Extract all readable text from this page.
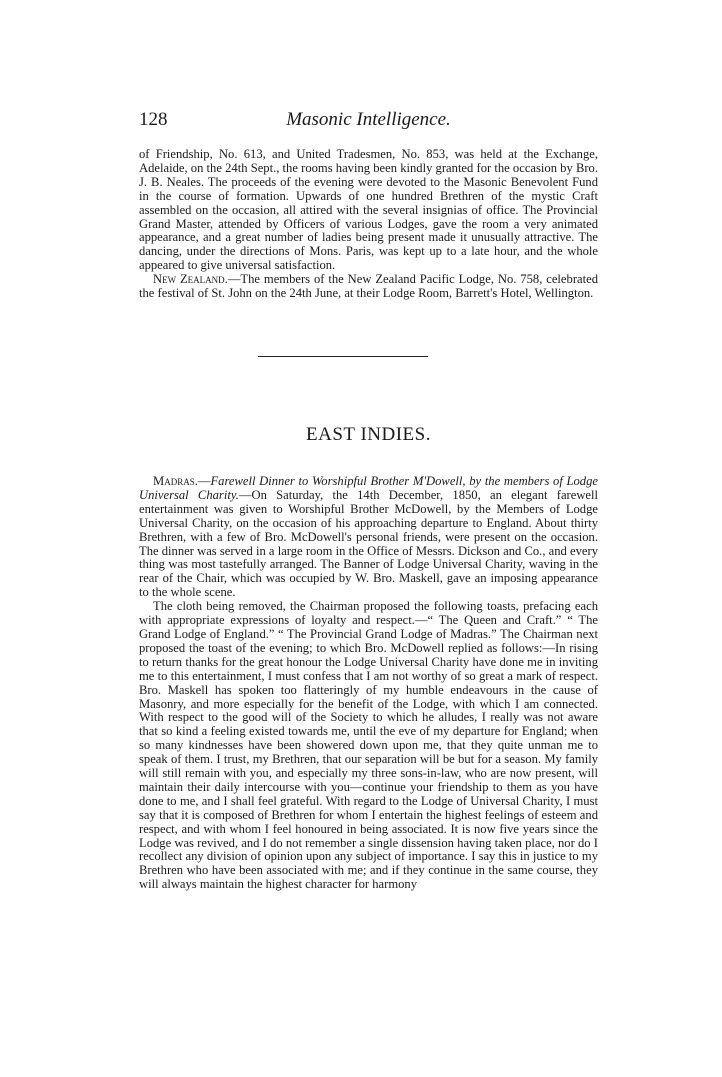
128	Masonic Intelligence.

of Friendship, No. 613, and United Tradesmen, No. 853, was held at the Exchange, Adelaide, on the 24th Sept., the rooms having been kindly granted for the occasion by Bro. J. B. Neales. The proceeds of the evening were devoted to the Masonic Benevolent Fund in the course of formation. Upwards of one hundred Brethren of the mystic Craft assembled on the occasion, all attired with the several insignias of office. The Provincial Grand Master, attended by Officers of various Lodges, gave the room a very animated appearance, and a great number of ladies being present made it unusually attractive. The dancing, under the directions of Mons. Paris, was kept up to a late hour, and the whole appeared to give universal satisfaction.

New Zealand.—The members of the New Zealand Pacific Lodge, No. 758, celebrated the festival of St. John on the 24th June, at their Lodge Room, Barrett's Hotel, Wellington.

EAST INDIES.

Madras.—Farewell Dinner to Worshipful Brother M'Dowell, by the members of Lodge Universal Charity.—On Saturday, the 14th December, 1850, an elegant farewell entertainment was given to Worshipful Brother McDowell, by the Members of Lodge Universal Charity, on the occasion of his approaching departure to England. About thirty Brethren, with a few of Bro. McDowell's personal friends, were present on the occasion. The dinner was served in a large room in the Office of Messrs. Dickson and Co., and every thing was most tastefully arranged. The Banner of Lodge Universal Charity, waving in the rear of the Chair, which was occupied by W. Bro. Maskell, gave an imposing appearance to the whole scene.

The cloth being removed, the Chairman proposed the following toasts, prefacing each with appropriate expressions of loyalty and respect.—“ The Queen and Craft.” “ The Grand Lodge of England.” “ The Provincial Grand Lodge of Madras.” The Chairman next proposed the toast of the evening; to which Bro. McDowell replied as follows:—In rising to return thanks for the great honour the Lodge Universal Charity have done me in inviting me to this entertainment, I must confess that I am not worthy of so great a mark of respect. Bro. Maskell has spoken too flatteringly of my humble endeavours in the cause of Masonry, and more especially for the benefit of the Lodge, with which I am connected. With respect to the good will of the Society to which he alludes, I really was not aware that so kind a feeling existed towards me, until the eve of my departure for England; when so many kindnesses have been showered down upon me, that they quite unman me to speak of them. I trust, my Brethren, that our separation will be but for a season. My family will still remain with you, and especially my three sons-in-law, who are now present, will maintain their daily intercourse with you—continue your friendship to them as you have done to me, and I shall feel grateful. With regard to the Lodge of Universal Charity, I must say that it is composed of Brethren for whom I entertain the highest feelings of esteem and respect, and with whom I feel honoured in being associated. It is now five years since the Lodge was revived, and I do not remember a single dissension having taken place, nor do I recollect any division of opinion upon any subject of importance. I say this in justice to my Brethren who have been associated with me; and if they continue in the same course, they will always maintain the highest character for harmony
